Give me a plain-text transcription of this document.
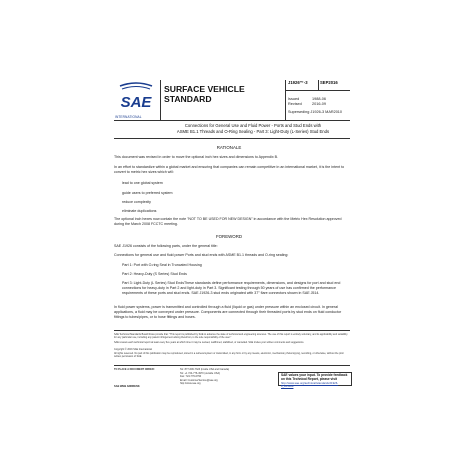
SAE
INTERNATIONAL
SURFACE VEHICLE
STANDARD
J1926™-3	SEP2016
Issued	1988-06
Revised	2016-09
Superseding J1926-3 MAR2010
Connections for General Use and Fluid Power - Ports and Stud Ends with
ASME B1.1 Threads and O-Ring Sealing - Part 3: Light-Duty (L-Series) Stud Ends
RATIONALE
This document was revised in order to move the optional inch hex sizes and dimensions to Appendix B.
In an effort to standardize within a global market and ensuring that companies can remain competitive in an international market, it is the intent to convert to metric hex sizes which will:
lead to one global system
guide users to preferred system
reduce complexity
eliminate duplications
The optional inch hexes now contain the note "NOT TO BE USED FOR NEW DESIGN" in accordance with the Metric Hex Resolution approved during the March 2008 FCCTC meeting.
FOREWORD
SAE J1926 consists of the following parts, under the general title:
Connections for general use and fluid power Ports and stud ends with ASME B1.1 threads and O-ring sealing:
Part 1: Port with O-ring Seal in Truncated Housing
Part 2: Heavy-Duty (S Series) Stud Ends
Part 3: Light-Duty (L Series) Stud EndsThese standards define performance requirements, dimensions, and designs for port and stud end connections for heavy-duty in Part 2 and light-duty in Part 3. Significant testing through 50 years of use has confirmed the performance requirements of these ports and stud ends. SAE J1926-3 stud ends originated with 37° flare connectors shown in SAE J514.
In fluid power systems, power is transmitted and controlled through a fluid (liquid or gas) under pressure within an enclosed circuit. In general applications, a fluid may be conveyed under pressure. Components are connected through their threaded ports by stud ends on fluid conductor fittings to tubes/pipes, or to hose fittings and hoses.
SAE Technical Standards Board Rules provide that: "This report is published by SAE to advance the state of technical and engineering sciences. The use of this report is entirely voluntary, and its applicability and suitability for any particular use, including any patent infringement arising therefrom, is the sole responsibility of the user."
SAE reviews each technical report at least every five years at which time it may be revised, reaffirmed, stabilized, or cancelled. SAE invites your written comments and suggestions.
Copyright © 2016 SAE International
All rights reserved. No part of this publication may be reproduced, stored in a retrieval system or transmitted, in any form or by any means, electronic, mechanical, photocopying, recording, or otherwise, without the prior written permission of SAE.
TO PLACE A DOCUMENT ORDER:	Tel: 877-606-7323 (inside USA and Canada)
Tel: +1 724-776-4970 (outside USA)
Fax: 724-776-0790
Email: CustomerService@sae.org
http://www.sae.org
SAE values your input. To provide feedback on this Technical Report, please visit
http://www.sae.org/technical/standards/J1926-3_201609
SAE WEB ADDRESS:
